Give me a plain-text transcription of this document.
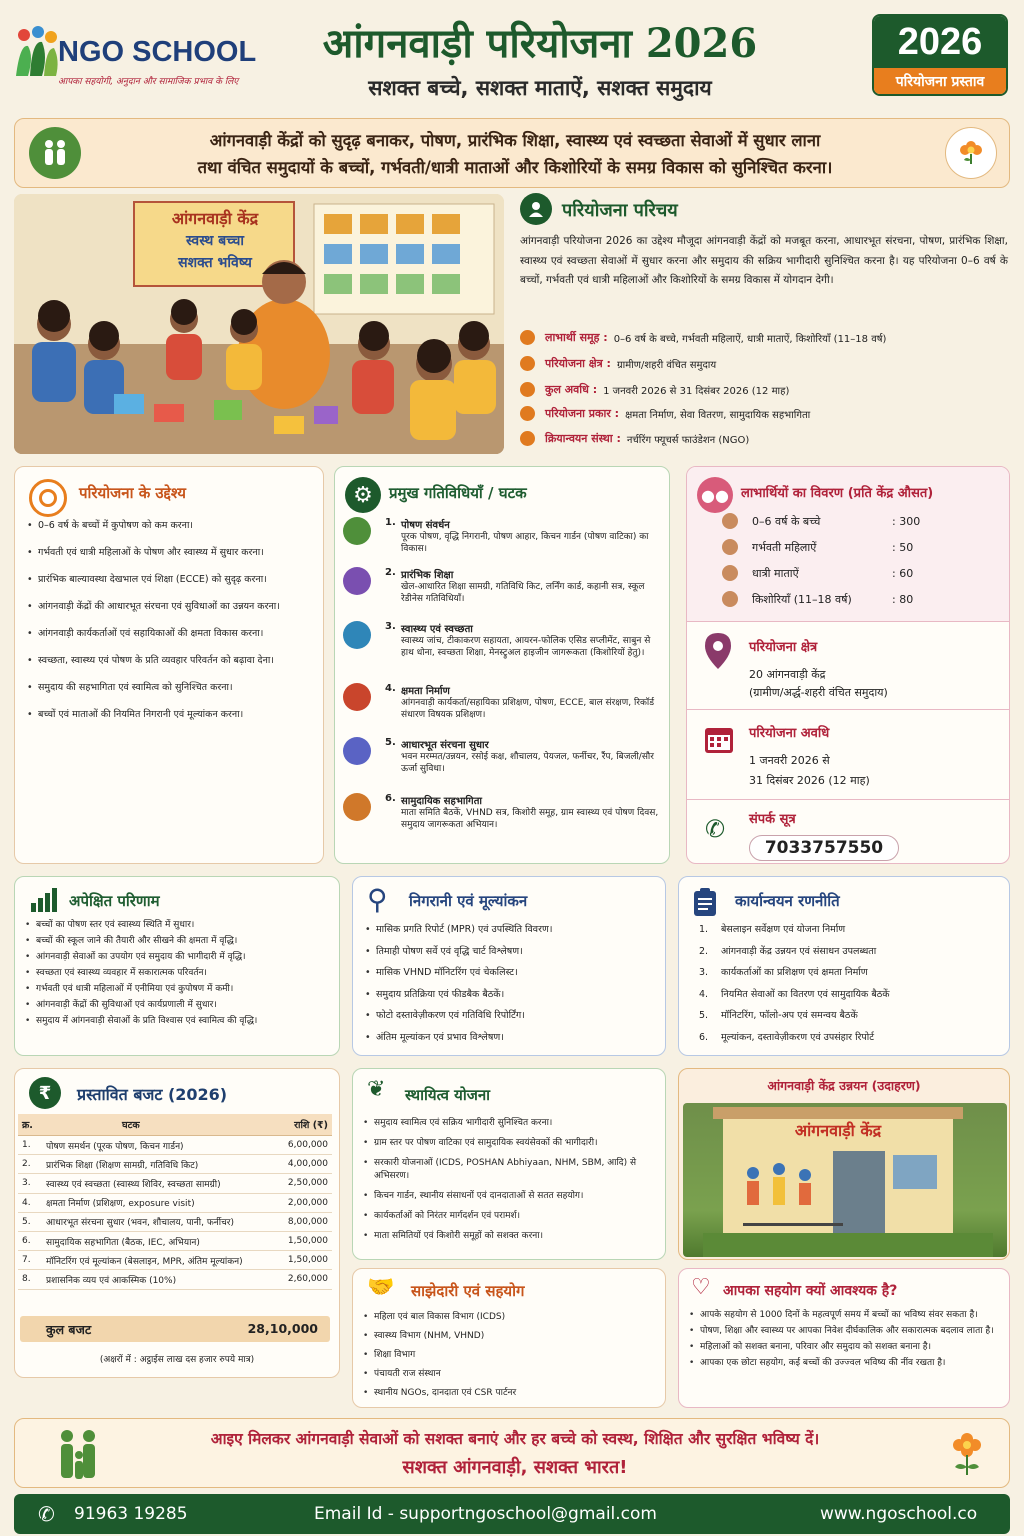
NGO SCHOOL
आपका सहयोगी, अनुदान और सामाजिक प्रभाव के लिए
आंगनवाड़ी परियोजना 2026
सशक्त बच्चे, सशक्त माताऐं, सशक्त समुदाय
2026
परियोजना प्रस्ताव
आंगनवाड़ी केंद्रों को सुदृढ़ बनाकर, पोषण, प्रारंभिक शिक्षा, स्वास्थ्य एवं स्वच्छता सेवाओं में सुधार लाना
तथा वंचित समुदायों के बच्चों, गर्भवती/धात्री माताओं और किशोरियों के समग्र विकास को सुनिश्चित करना।
आंगनवाड़ी केंद्र
स्वस्थ बच्चा
सशक्त भविष्य
परियोजना परिचय
आंगनवाड़ी परियोजना 2026 का उद्देश्य मौजूदा आंगनवाड़ी केंद्रों को मजबूत करना, आधारभूत संरचना, पोषण, प्रारंभिक शिक्षा, स्वास्थ्य एवं स्वच्छता सेवाओं में सुधार करना और समुदाय की सक्रिय भागीदारी सुनिश्चित करना है। यह परियोजना 0–6 वर्ष के बच्चों, गर्भवती एवं धात्री महिलाओं और किशोरियों के समग्र विकास में योगदान देगी।
लाभार्थी समूह : 0–6 वर्ष के बच्चे, गर्भवती महिलाऐं, धात्री माताऐं, किशोरियाँ (11–18 वर्ष)
परियोजना क्षेत्र : ग्रामीण/शहरी वंचित समुदाय
कुल अवधि : 1 जनवरी 2026 से 31 दिसंबर 2026 (12 माह)
परियोजना प्रकार : क्षमता निर्माण, सेवा वितरण, सामुदायिक सहभागिता
क्रियान्वयन संस्था : नर्चरिंग फ्यूचर्स फाउंडेशन (NGO)
परियोजना के उद्देश्य
• 0–6 वर्ष के बच्चों में कुपोषण को कम करना।
• गर्भवती एवं धात्री महिलाओं के पोषण और स्वास्थ्य में सुधार करना।
• प्रारंभिक बाल्यावस्था देखभाल एवं शिक्षा (ECCE) को सुदृढ़ करना।
• आंगनवाड़ी केंद्रों की आधारभूत संरचना एवं सुविधाओं का उन्नयन करना।
• आंगनवाड़ी कार्यकर्ताओं एवं सहायिकाओं की क्षमता विकास करना।
• स्वच्छता, स्वास्थ्य एवं पोषण के प्रति व्यवहार परिवर्तन को बढ़ावा देना।
• समुदाय की सहभागिता एवं स्वामित्व को सुनिश्चित करना।
• बच्चों एवं माताओं की नियमित निगरानी एवं मूल्यांकन करना।
⚙	प्रमुख गतिविधियाँ / घटक
1. पोषण संवर्धन
पूरक पोषण, वृद्धि निगरानी, पोषण आहार, किचन गार्डन (पोषण वाटिका) का विकास।
2. प्रारंभिक शिक्षा
खेल-आधारित शिक्षा सामग्री, गतिविधि किट, लर्निंग कार्ड, कहानी सत्र, स्कूल रेडीनेस गतिविधियाँ।
3. स्वास्थ्य एवं स्वच्छता
स्वास्थ्य जांच, टीकाकरण सहायता, आयरन-फोलिक एसिड सप्लीमेंट, साबुन से हाथ धोना, स्वच्छता शिक्षा, मेनस्ट्रुअल हाइजीन जागरूकता (किशोरियों हेतु)।
4. क्षमता निर्माण
आंगनवाड़ी कार्यकर्ता/सहायिका प्रशिक्षण, पोषण, ECCE, बाल संरक्षण, रिकॉर्ड संधारण विषयक प्रशिक्षण।
5. आधारभूत संरचना सुधार
भवन मरम्मत/उन्नयन, रसोई कक्ष, शौचालय, पेयजल, फर्नीचर, रैंप, बिजली/सौर ऊर्जा सुविधा।
6. सामुदायिक सहभागिता
माता समिति बैठकें, VHND सत्र, किशोरी समूह, ग्राम स्वास्थ्य एवं पोषण दिवस, समुदाय जागरूकता अभियान।
●● लाभार्थियों का विवरण (प्रति केंद्र औसत)
परियोजना क्षेत्र
20 आंगनवाड़ी केंद्र
(ग्रामीण/अर्द्ध-शहरी वंचित समुदाय)
परियोजना अवधि
1 जनवरी 2026 से
31 दिसंबर 2026 (12 माह)
✆ संपर्क सूत्र
7033757550
0–6 वर्ष के बच्चे	: 300
गर्भवती महिलाऐं	: 50
धात्री माताऐं	: 60
किशोरियाँ (11–18 वर्ष)	: 80
अपेक्षित परिणाम
• बच्चों का पोषण स्तर एवं स्वास्थ्य स्थिति में सुधार।
• बच्चों की स्कूल जाने की तैयारी और सीखने की क्षमता में वृद्धि।
• आंगनवाड़ी सेवाओं का उपयोग एवं समुदाय की भागीदारी में वृद्धि।
• स्वच्छता एवं स्वास्थ्य व्यवहार में सकारात्मक परिवर्तन।
• गर्भवती एवं धात्री महिलाओं में एनीमिया एवं कुपोषण में कमी।
• आंगनवाड़ी केंद्रों की सुविधाओं एवं कार्यप्रणाली में सुधार।
• समुदाय में आंगनवाड़ी सेवाओं के प्रति विश्वास एवं स्वामित्व की वृद्धि।
⚲ निगरानी एवं मूल्यांकन
• मासिक प्रगति रिपोर्ट (MPR) एवं उपस्थिति विवरण।
• तिमाही पोषण सर्वे एवं वृद्धि चार्ट विश्लेषण।
• मासिक VHND मॉनिटरिंग एवं चेकलिस्ट।
• समुदाय प्रतिक्रिया एवं फीडबैक बैठकें।
• फोटो दस्तावेज़ीकरण एवं गतिविधि रिपोर्टिंग।
• अंतिम मूल्यांकन एवं प्रभाव विश्लेषण।
कार्यान्वयन रणनीति
1.	बेसलाइन सर्वेक्षण एवं योजना निर्माण
2.	आंगनवाड़ी केंद्र उन्नयन एवं संसाधन उपलब्धता
3.	कार्यकर्ताओं का प्रशिक्षण एवं क्षमता निर्माण
4.	नियमित सेवाओं का वितरण एवं सामुदायिक बैठकें
5.	मॉनिटरिंग, फॉलो-अप एवं समन्वय बैठकें
6.	मूल्यांकन, दस्तावेज़ीकरण एवं उपसंहार रिपोर्ट
₹ प्रस्तावित बजट (2026)
क्र.	घटक	राशि (₹)
1.	पोषण समर्थन (पूरक पोषण, किचन गार्डन)	6,00,000
2.	प्रारंभिक शिक्षा (शिक्षण सामग्री, गतिविधि किट)	4,00,000
3.	स्वास्थ्य एवं स्वच्छता (स्वास्थ्य शिविर, स्वच्छता सामग्री)	2,50,000
4.	क्षमता निर्माण (प्रशिक्षण, exposure visit)	2,00,000
5.	आधारभूत संरचना सुधार (भवन, शौचालय, पानी, फर्नीचर)	8,00,000
6.	सामुदायिक सहभागिता (बैठक, IEC, अभियान)	1,50,000
7.	मॉनिटरिंग एवं मूल्यांकन (बेसलाइन, MPR, अंतिम मूल्यांकन)	1,50,000
8.	प्रशासनिक व्यय एवं आकस्मिक (10%)	2,60,000
कुल बजट	28,10,000
(अक्षरों में : अट्ठाईस लाख दस हजार रुपये मात्र)
❦ स्थायित्व योजना
• समुदाय स्वामित्व एवं सक्रिय भागीदारी सुनिश्चित करना।
• ग्राम स्तर पर पोषण वाटिका एवं सामुदायिक स्वयंसेवकों की भागीदारी।
• सरकारी योजनाओं (ICDS, POSHAN Abhiyaan, NHM, SBM, आदि) से अभिसरण।
• किचन गार्डन, स्थानीय संसाधनों एवं दानदाताओं से सतत सहयोग।
• कार्यकर्ताओं को निरंतर मार्गदर्शन एवं परामर्श।
• माता समितियों एवं किशोरी समूहों को सशक्त करना।
आंगनवाड़ी केंद्र उन्नयन (उदाहरण)
आंगनवाड़ी केंद्र
🤝 साझेदारी एवं सहयोग
• महिला एवं बाल विकास विभाग (ICDS)
• स्वास्थ्य विभाग (NHM, VHND)
• शिक्षा विभाग
• पंचायती राज संस्थान
• स्थानीय NGOs, दानदाता एवं CSR पार्टनर
♡ आपका सहयोग क्यों आवश्यक है?
• आपके सहयोग से 1000 दिनों के महत्वपूर्ण समय में बच्चों का भविष्य संवर सकता है।
• पोषण, शिक्षा और स्वास्थ्य पर आपका निवेश दीर्घकालिक और सकारात्मक बदलाव लाता है।
• महिलाओं को सशक्त बनाना, परिवार और समुदाय को सशक्त बनाना है।
• आपका एक छोटा सहयोग, कई बच्चों की उज्ज्वल भविष्य की नींव रखता है।
आइए मिलकर आंगनवाड़ी सेवाओं को सशक्त बनाएं और हर बच्चे को स्वस्थ, शिक्षित और सुरक्षित भविष्य दें।
सशक्त आंगनवाड़ी, सशक्त भारत!
✆ 91963 19285	Email Id - supportngoschool@gmail.com	www.ngoschool.co
